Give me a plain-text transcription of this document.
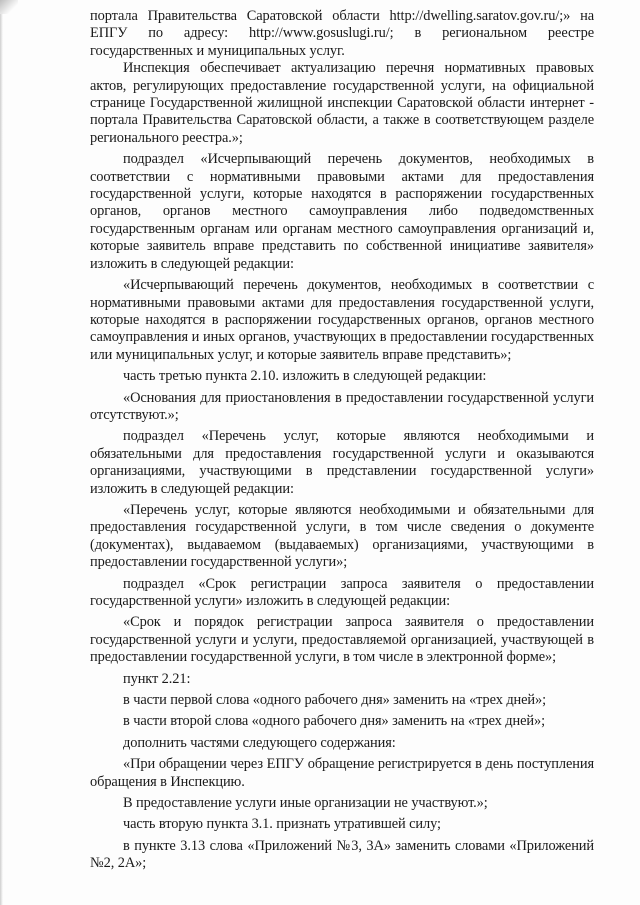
портала Правительства Саратовской области http://dwelling.saratov.gov.ru/;» на ЕПГУ по адресу: http://www.gosuslugi.ru/; в региональном реестре государственных и муниципальных услуг.

Инспекция обеспечивает актуализацию перечня нормативных правовых актов, регулирующих предоставление государственной услуги, на официальной странице Государственной жилищной инспекции Саратовской области интернет - портала Правительства Саратовской области, а также в соответствующем разделе регионального реестра.»;

подраздел «Исчерпывающий перечень документов, необходимых в соответствии с нормативными правовыми актами для предоставления государственной услуги, которые находятся в распоряжении государственных органов, органов местного самоуправления либо подведомственных государственным органам или органам местного самоуправления организаций и, которые заявитель вправе представить по собственной инициативе заявителя» изложить в следующей редакции:

«Исчерпывающий перечень документов, необходимых в соответствии с нормативными правовыми актами для предоставления государственной услуги, которые находятся в распоряжении государственных органов, органов местного самоуправления и иных органов, участвующих в предоставлении государственных или муниципальных услуг, и которые заявитель вправе представить»;

часть третью пункта 2.10. изложить в следующей редакции:

«Основания для приостановления в предоставлении государственной услуги отсутствуют.»;

подраздел «Перечень услуг, которые являются необходимыми и обязательными для предоставления государственной услуги и оказываются организациями, участвующими в представлении государственной услуги» изложить в следующей редакции:

«Перечень услуг, которые являются необходимыми и обязательными для предоставления государственной услуги, в том числе сведения о документе (документах), выдаваемом (выдаваемых) организациями, участвующими в предоставлении государственной услуги»;

подраздел «Срок регистрации запроса заявителя о предоставлении государственной услуги» изложить в следующей редакции:

«Срок и порядок регистрации запроса заявителя о предоставлении государственной услуги и услуги, предоставляемой организацией, участвующей в предоставлении государственной услуги, в том числе в электронной форме»;

пункт 2.21:

в части первой слова «одного рабочего дня» заменить на «трех дней»;

в части второй слова «одного рабочего дня» заменить на «трех дней»;

дополнить частями следующего содержания:

«При обращении через ЕПГУ обращение регистрируется в день поступления обращения в Инспекцию.

В предоставление услуги иные организации не участвуют.»;

часть вторую пункта 3.1. признать утратившей силу;

в пункте 3.13 слова «Приложений №3, 3А» заменить словами «Приложений №2, 2А»;
